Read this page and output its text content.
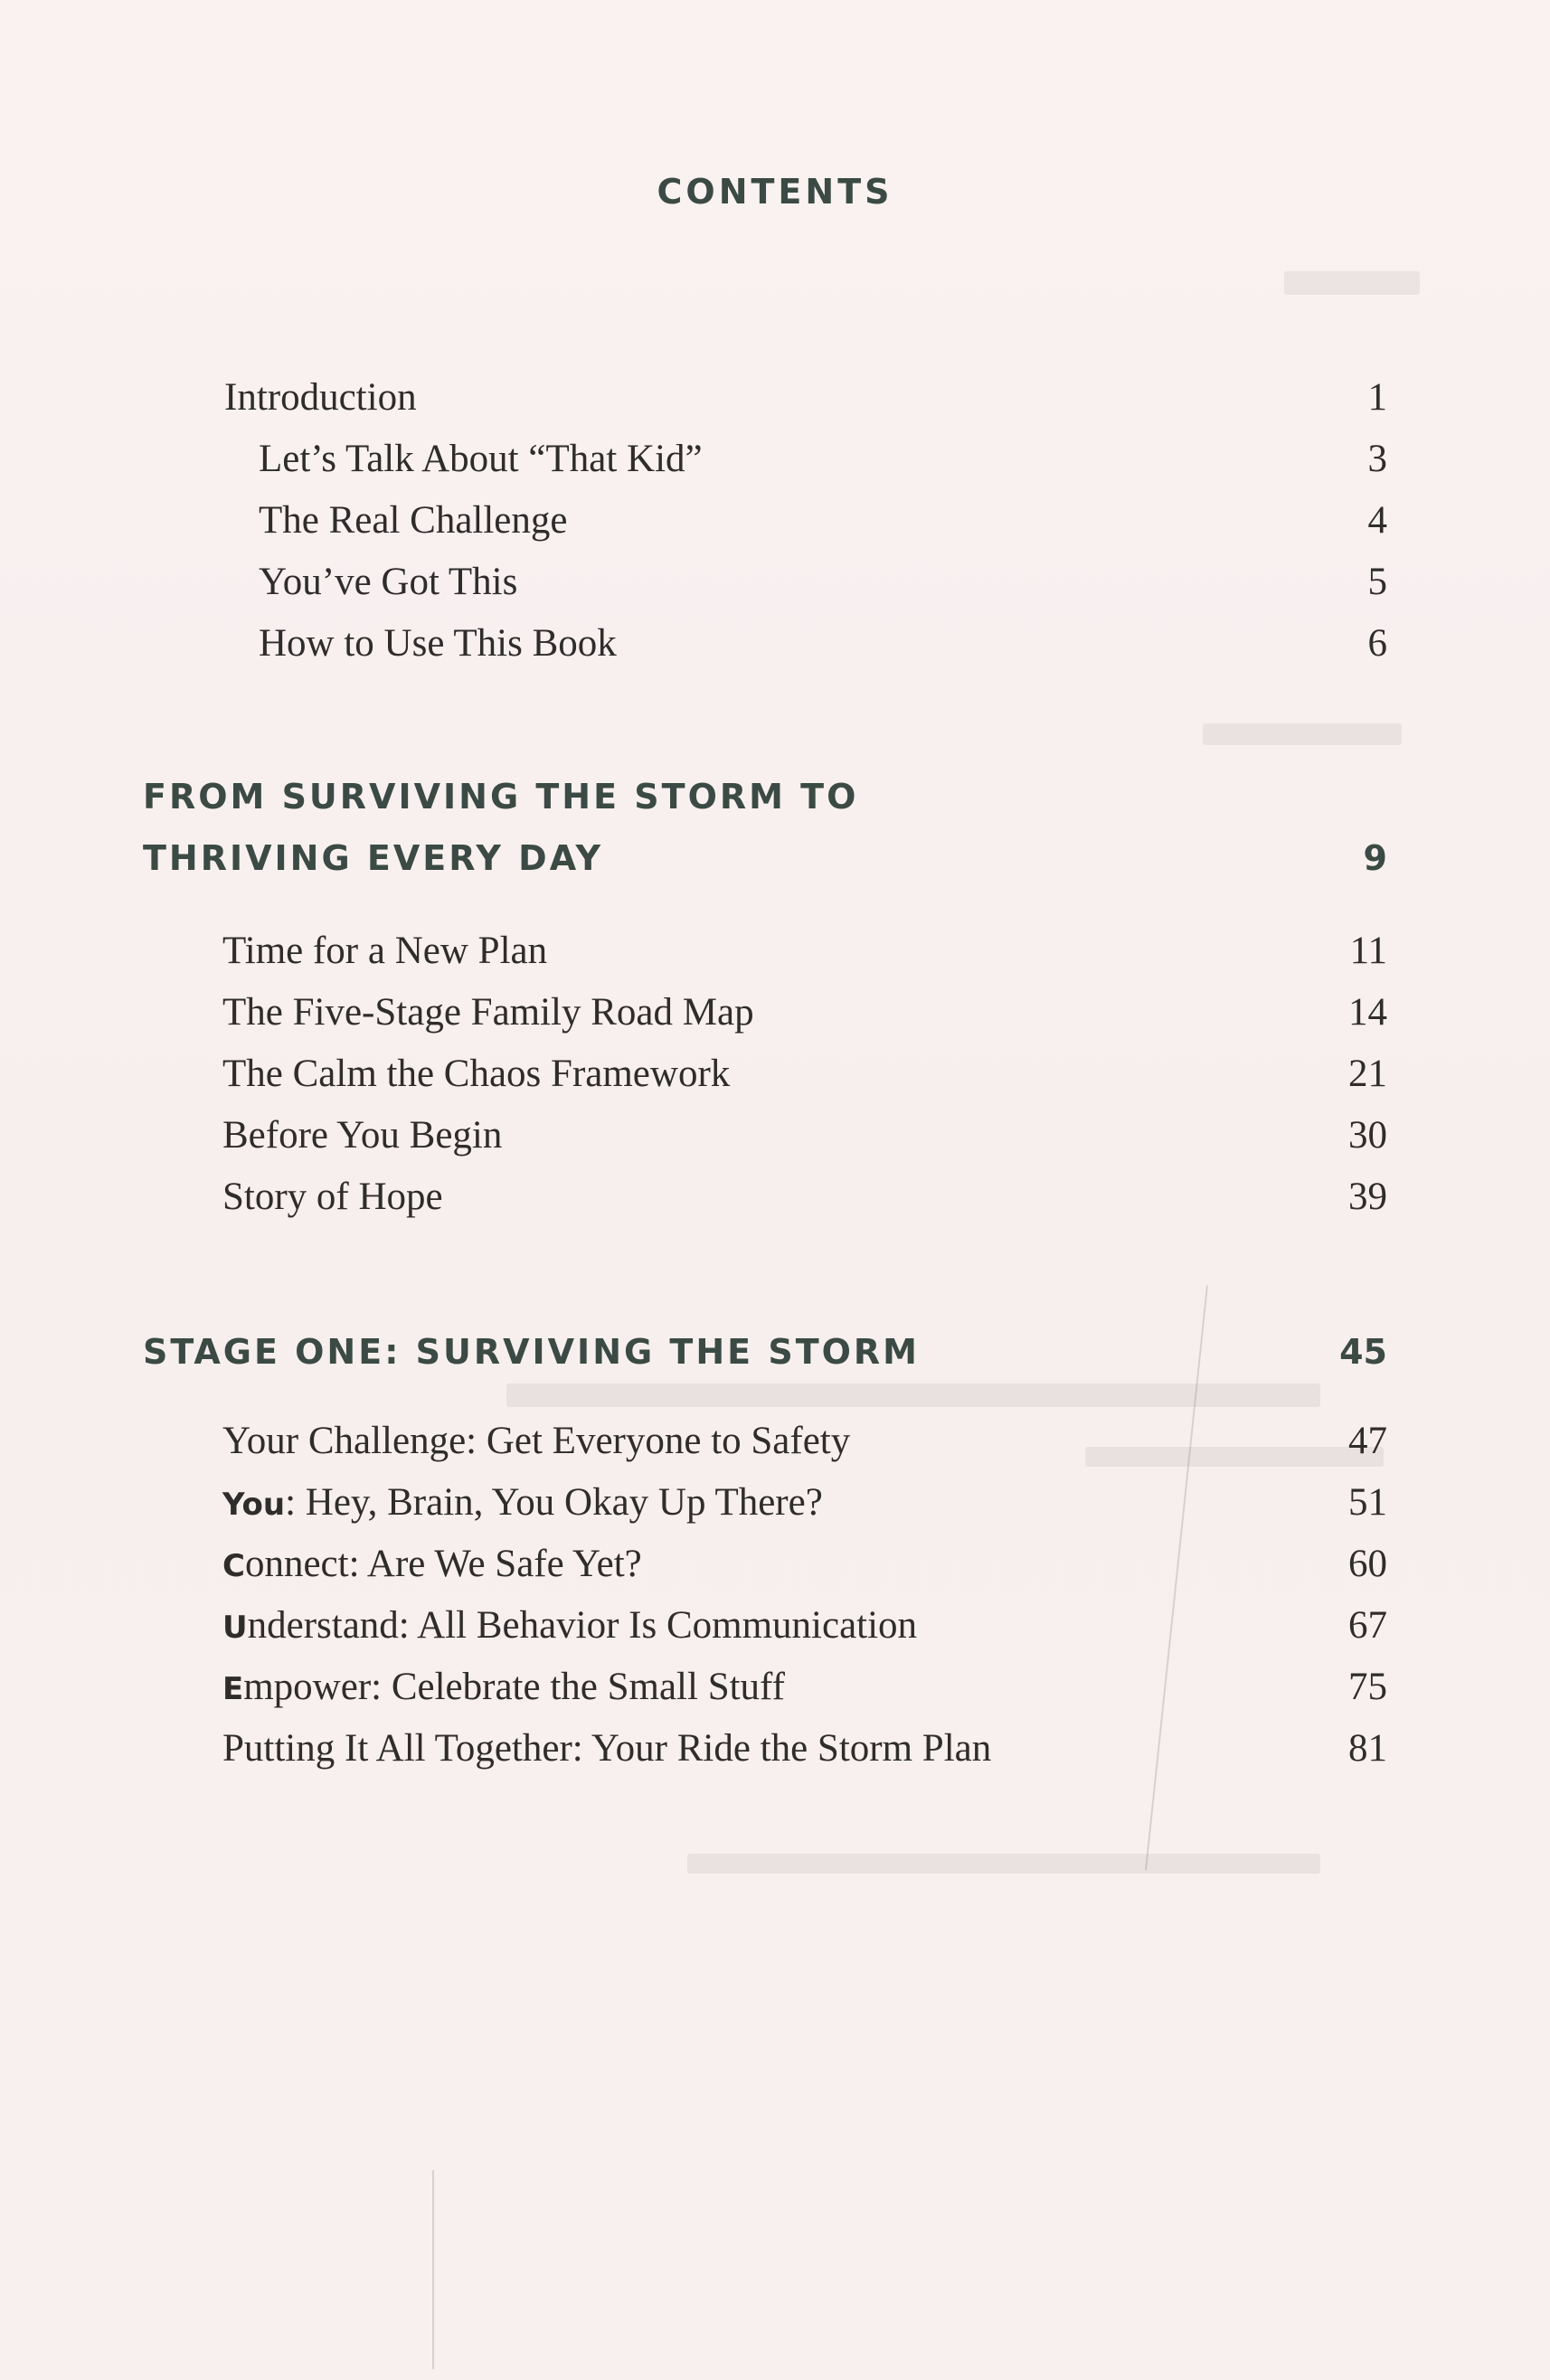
CONTENTS
Introduction	1
Let’s Talk About “That Kid”	3
The Real Challenge	4
You’ve Got This	5
How to Use This Book	6
FROM SURVIVING THE STORM TO
THRIVING EVERY DAY	9
Time for a New Plan	11
The Five-Stage Family Road Map	14
The Calm the Chaos Framework	21
Before You Begin	30
Story of Hope	39
STAGE ONE: SURVIVING THE STORM	45
Your Challenge: Get Everyone to Safety	47
You: Hey, Brain, You Okay Up There?	51
Connect: Are We Safe Yet?	60
Understand: All Behavior Is Communication	67
Empower: Celebrate the Small Stuff	75
Putting It All Together: Your Ride the Storm Plan	81
